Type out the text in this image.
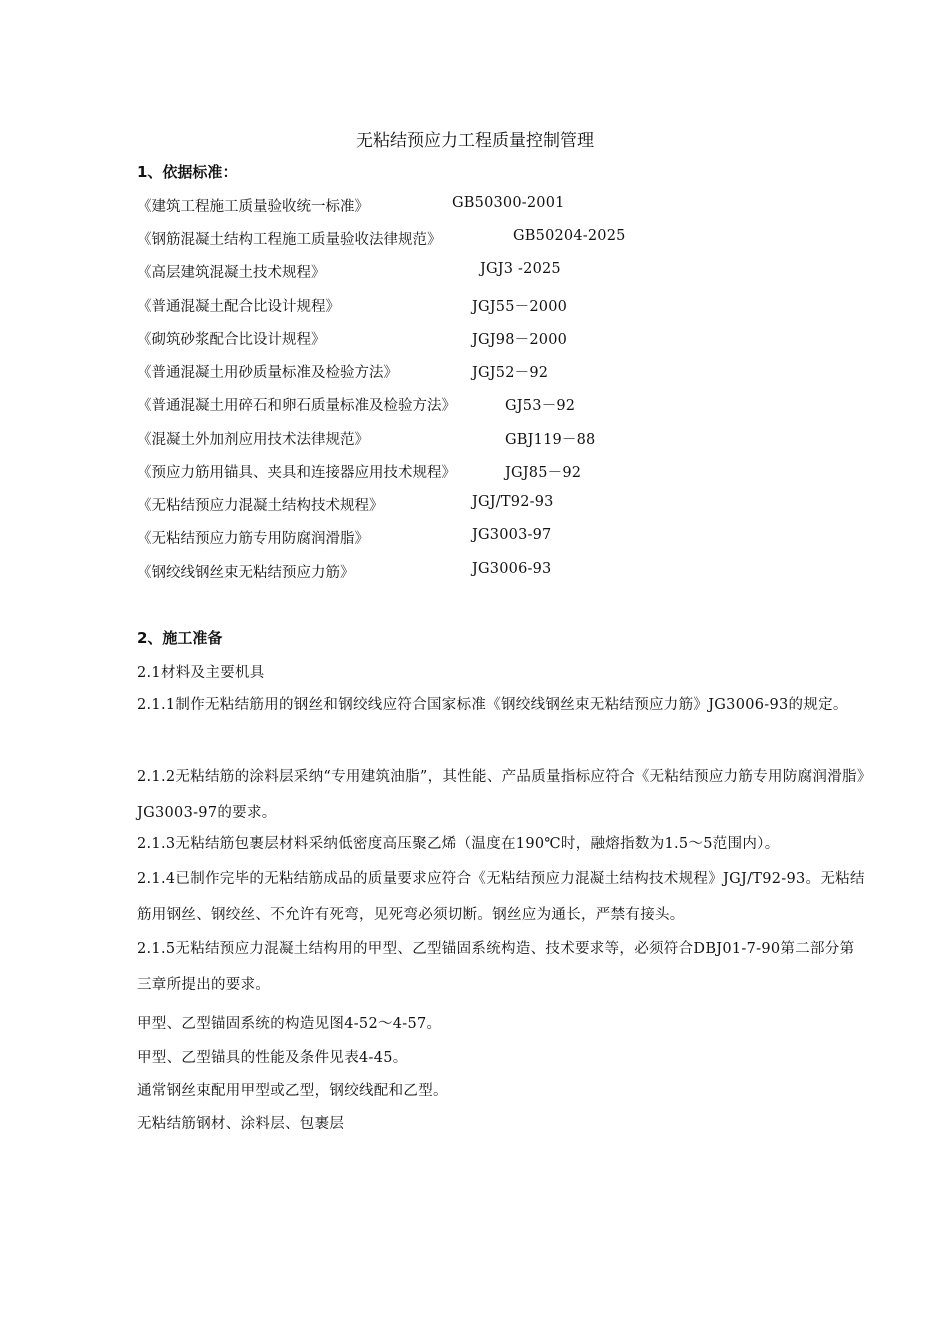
无粘结预应力工程质量控制管理
1、依据标准：
《建筑工程施工质量验收统一标准》	GB50300-2001
《钢筋混凝土结构工程施工质量验收法律规范》	GB50204-2025
《高层建筑混凝土技术规程》	JGJ3 -2025
《普通混凝土配合比设计规程》	JGJ55－2000
《砌筑砂浆配合比设计规程》	JGJ98－2000
《普通混凝土用砂质量标准及检验方法》	JGJ52－92
《普通混凝土用碎石和卵石质量标准及检验方法》	GJ53－92
《混凝土外加剂应用技术法律规范》	GBJ119－88
《预应力筋用锚具、夹具和连接器应用技术规程》	JGJ85－92
《无粘结预应力混凝土结构技术规程》	JGJ/T92-93
《无粘结预应力筋专用防腐润滑脂》	JG3003-97
《钢绞线钢丝束无粘结预应力筋》	JG3006-93
2、施工准备
2.1材料及主要机具
2.1.1制作无粘结筋用的钢丝和钢绞线应符合国家标准《钢绞线钢丝束无粘结预应力筋》JG3006-93的规定。
2.1.2无粘结筋的涂料层采纳“专用建筑油脂”，其性能、产品质量指标应符合《无粘结预应力筋专用防腐润滑脂》JG3003-97的要求。
2.1.3无粘结筋包裹层材料采纳低密度高压聚乙烯（温度在190℃时，融熔指数为1.5～5范围内）。
2.1.4已制作完毕的无粘结筋成品的质量要求应符合《无粘结预应力混凝土结构技术规程》JGJ/T92-93。无粘结筋用钢丝、钢绞丝、不允许有死弯，见死弯必须切断。钢丝应为通长，严禁有接头。
2.1.5无粘结预应力混凝土结构用的甲型、乙型锚固系统构造、技术要求等，必须符合DBJ01-7-90第二部分第三章所提出的要求。
甲型、乙型锚固系统的构造见图4-52～4-57。
甲型、乙型锚具的性能及条件见表4-45。
通常钢丝束配用甲型或乙型，钢绞线配和乙型。
无粘结筋钢材、涂料层、包裹层
